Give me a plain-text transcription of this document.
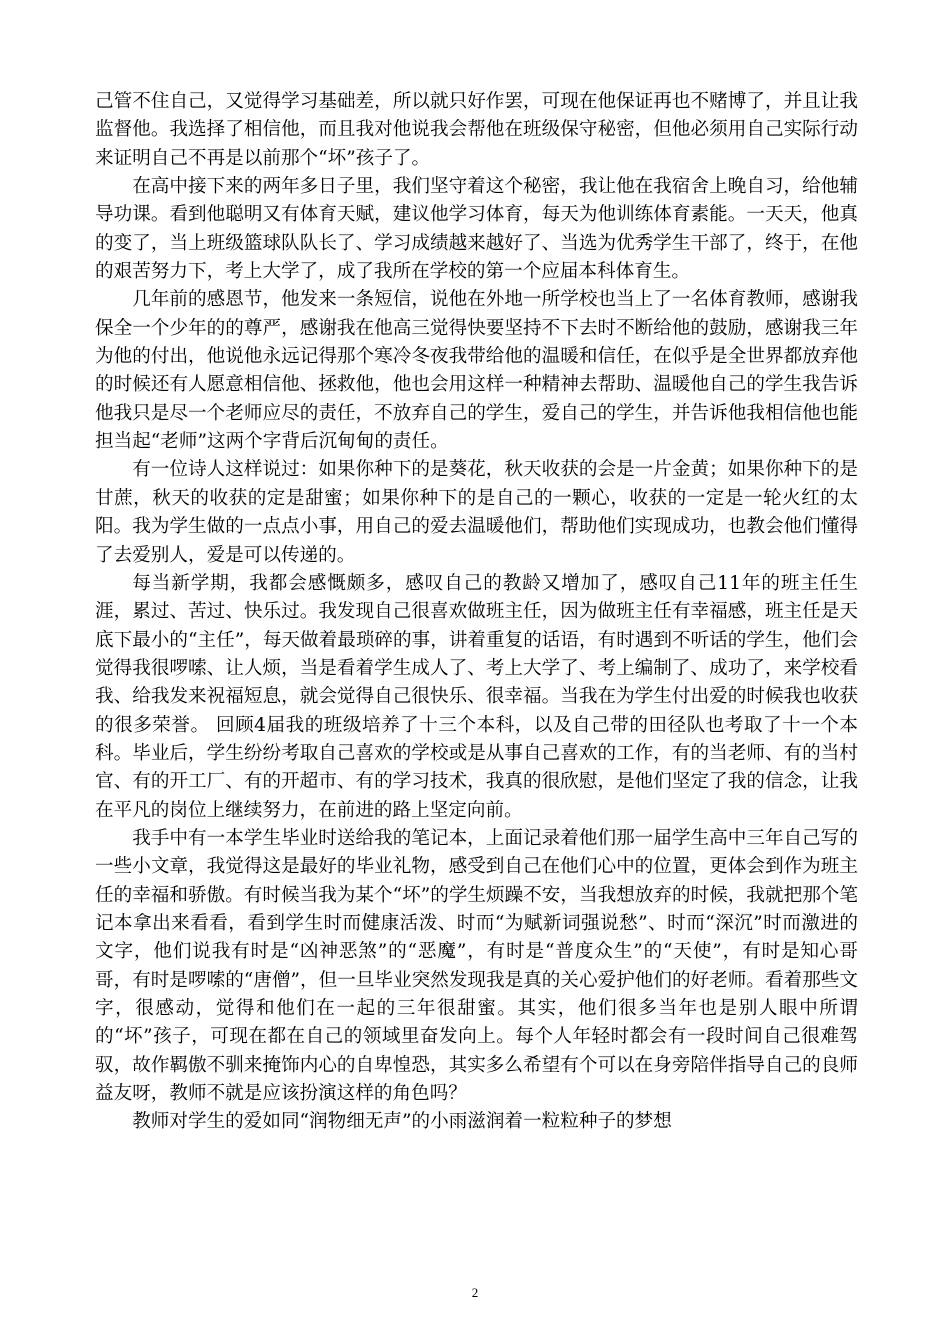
己管不住自己，又觉得学习基础差，所以就只好作罢，可现在他保证再也不赌博了，并且让我监督他。我选择了相信他，而且我对他说我会帮他在班级保守秘密，但他必须用自己实际行动来证明自己不再是以前那个“坏”孩子了。

在高中接下来的两年多日子里，我们坚守着这个秘密，我让他在我宿舍上晚自习，给他辅导功课。看到他聪明又有体育天赋，建议他学习体育，每天为他训练体育素能。一天天，他真的变了，当上班级篮球队队长了、学习成绩越来越好了、当选为优秀学生干部了，终于，在他的艰苦努力下，考上大学了，成了我所在学校的第一个应届本科体育生。

几年前的感恩节，他发来一条短信，说他在外地一所学校也当上了一名体育教师，感谢我保全一个少年的的尊严，感谢我在他高三觉得快要坚持不下去时不断给他的鼓励，感谢我三年为他的付出，他说他永远记得那个寒冷冬夜我带给他的温暖和信任，在似乎是全世界都放弃他的时候还有人愿意相信他、拯救他，他也会用这样一种精神去帮助、温暖他自己的学生我告诉他我只是尽一个老师应尽的责任，不放弃自己的学生，爱自己的学生，并告诉他我相信他也能担当起“老师”这两个字背后沉甸甸的责任。

有一位诗人这样说过：如果你种下的是葵花，秋天收获的会是一片金黄；如果你种下的是甘蔗，秋天的收获的定是甜蜜；如果你种下的是自己的一颗心，收获的一定是一轮火红的太阳。我为学生做的一点点小事，用自己的爱去温暖他们，帮助他们实现成功，也教会他们懂得了去爱别人，爱是可以传递的。

每当新学期，我都会感慨颇多，感叹自己的教龄又增加了，感叹自己11年的班主任生涯，累过、苦过、快乐过。我发现自己很喜欢做班主任，因为做班主任有幸福感，班主任是天底下最小的“主任”，每天做着最琐碎的事，讲着重复的话语，有时遇到不听话的学生，他们会觉得我很啰嗦、让人烦，当是看着学生成人了、考上大学了、考上编制了、成功了，来学校看我、给我发来祝福短息，就会觉得自己很快乐、很幸福。当我在为学生付出爱的时候我也收获的很多荣誉。 回顾4届我的班级培养了十三个本科，以及自己带的田径队也考取了十一个本科。毕业后，学生纷纷考取自己喜欢的学校或是从事自己喜欢的工作，有的当老师、有的当村官、有的开工厂、有的开超市、有的学习技术，我真的很欣慰，是他们坚定了我的信念，让我在平凡的岗位上继续努力，在前进的路上坚定向前。

我手中有一本学生毕业时送给我的笔记本，上面记录着他们那一届学生高中三年自己写的一些小文章，我觉得这是最好的毕业礼物，感受到自己在他们心中的位置，更体会到作为班主任的幸福和骄傲。有时候当我为某个“坏”的学生烦躁不安，当我想放弃的时候，我就把那个笔记本拿出来看看，看到学生时而健康活泼、时而“为赋新词强说愁”、时而“深沉”时而激进的文字，他们说我有时是“凶神恶煞”的“恶魔”，有时是“普度众生”的“天使”，有时是知心哥哥，有时是啰嗦的“唐僧”，但一旦毕业突然发现我是真的关心爱护他们的好老师。看着那些文字，很感动，觉得和他们在一起的三年很甜蜜。其实，他们很多当年也是别人眼中所谓的“坏”孩子，可现在都在自己的领域里奋发向上。每个人年轻时都会有一段时间自己很难驾驭，故作羁傲不驯来掩饰内心的自卑惶恐，其实多么希望有个可以在身旁陪伴指导自己的良师益友呀，教师不就是应该扮演这样的角色吗？

教师对学生的爱如同“润物细无声”的小雨滋润着一粒粒种子的梦想

2
